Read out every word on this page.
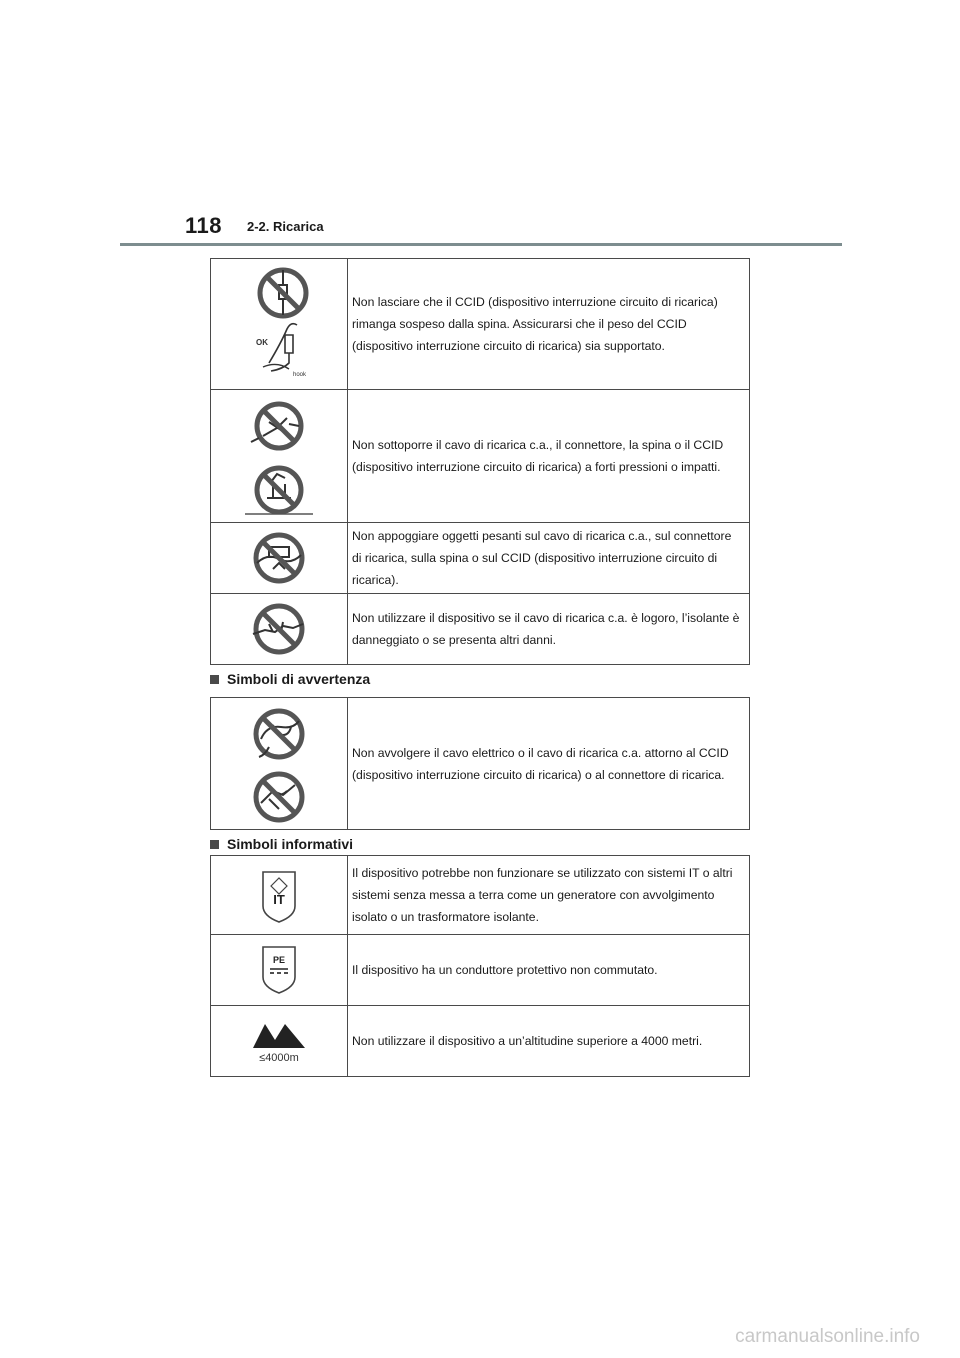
118 2-2. Ricarica
OK
hook	Non lasciare che il CCID (dispositivo interruzione circuito di ricarica) rimanga sospeso dalla spina. Assicurarsi che il peso del CCID (dispositivo interruzione circuito di ricarica) sia supportato.

	Non sottoporre il cavo di ricarica c.a., il connettore, la spina o il CCID (dispositivo interruzione circuito di ricarica) a forti pressioni o impatti.

	Non appoggiare oggetti pesanti sul cavo di ricarica c.a., sul connettore di ricarica, sulla spina o sul CCID (dispositivo interruzione circuito di ricarica).

	Non utilizzare il dispositivo se il cavo di ricarica c.a. è logoro, l’isolante è danneggiato o se presenta altri danni.
Simboli di avvertenza
	Non avvolgere il cavo elettrico o il cavo di ricarica c.a. attorno al CCID (dispositivo interruzione circuito di ricarica) o al connettore di ricarica.
Simboli informativi
IT	Il dispositivo potrebbe non funzionare se utilizzato con sistemi IT o altri sistemi senza messa a terra come un generatore con avvolgimento isolato o un trasformatore isolante.

PE	Il dispositivo ha un conduttore protettivo non commutato.

≤4000m	Non utilizzare il dispositivo a un’altitudine superiore a 4000 metri.
carmanualsonline.info
